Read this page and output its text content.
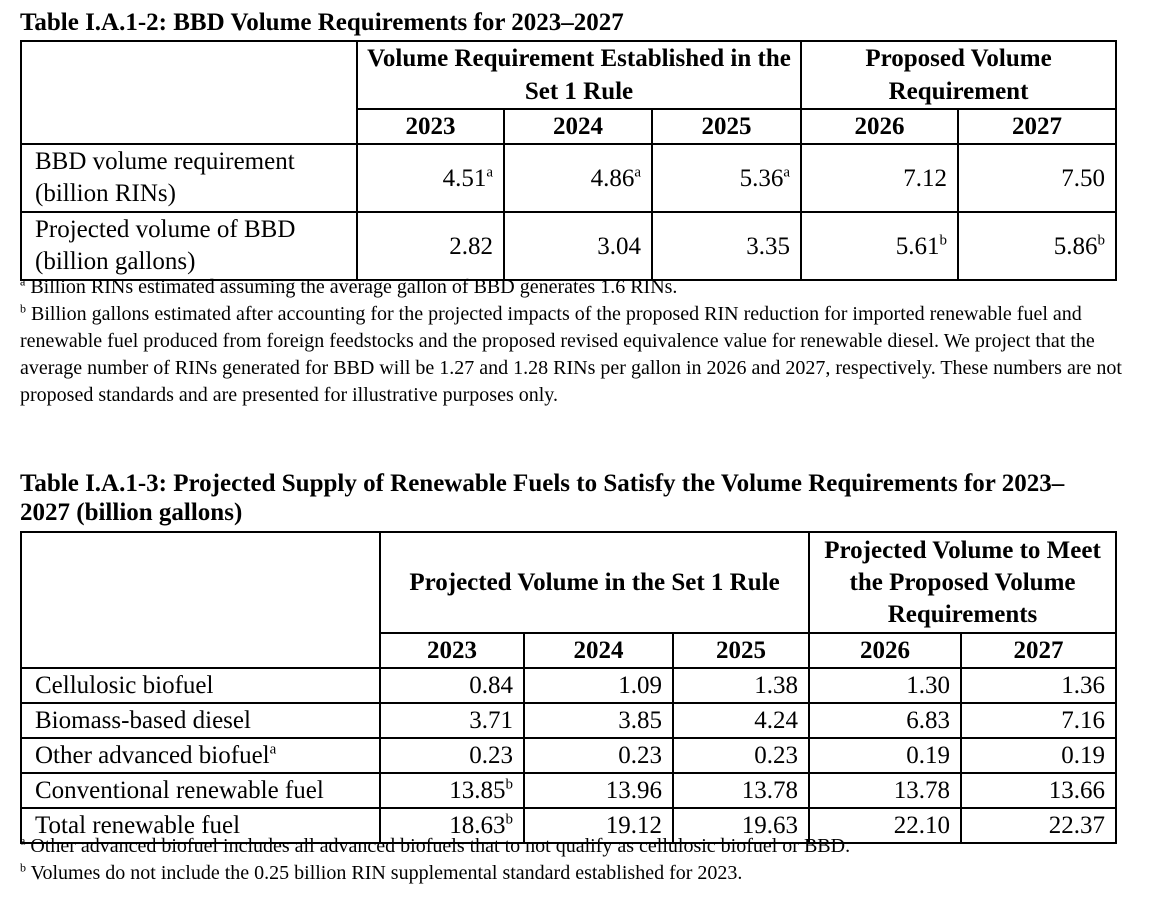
Table I.A.1-2: BBD Volume Requirements for 2023–2027
	Volume Requirement Established in the Set 1 Rule			Proposed Volume Requirement	
	2023	2024	2025	2026	2027
BBD volume requirement (billion RINs)	4.51$^a$	4.86$^a$	5.36$^a$	7.12	7.50
Projected volume of BBD (billion gallons)	2.82	3.04	3.35	5.61$^b$	5.86$^b$

$^a$ Billion RINs estimated assuming the average gallon of BBD generates 1.6 RINs.

$^b$ Billion gallons estimated after accounting for the projected impacts of the proposed RIN reduction for imported renewable fuel and renewable fuel produced from foreign feedstocks and the proposed revised equivalence value for renewable diesel. We project that the average number of RINs generated for BBD will be 1.27 and 1.28 RINs per gallon in 2026 and 2027, respectively. These numbers are not proposed standards and are presented for illustrative purposes only.

Table I.A.1-3: Projected Supply of Renewable Fuels to Satisfy the Volume Requirements for 2023–2027 (billion gallons)
	Projected Volume in the Set 1 Rule			Projected Volume to Meet the Proposed Volume Requirements	
	2023	2024	2025	2026	2027
Cellulosic biofuel	0.84	1.09	1.38	1.30	1.36
Biomass-based diesel	3.71	3.85	4.24	6.83	7.16
Other advanced biofuel$^a$	0.23	0.23	0.23	0.19	0.19
Conventional renewable fuel	13.85$^b$	13.96	13.78	13.78	13.66
Total renewable fuel	18.63$^b$	19.12	19.63	22.10	22.37

$^a$ Other advanced biofuel includes all advanced biofuels that to not qualify as cellulosic biofuel or BBD.

$^b$ Volumes do not include the 0.25 billion RIN supplemental standard established for 2023.
